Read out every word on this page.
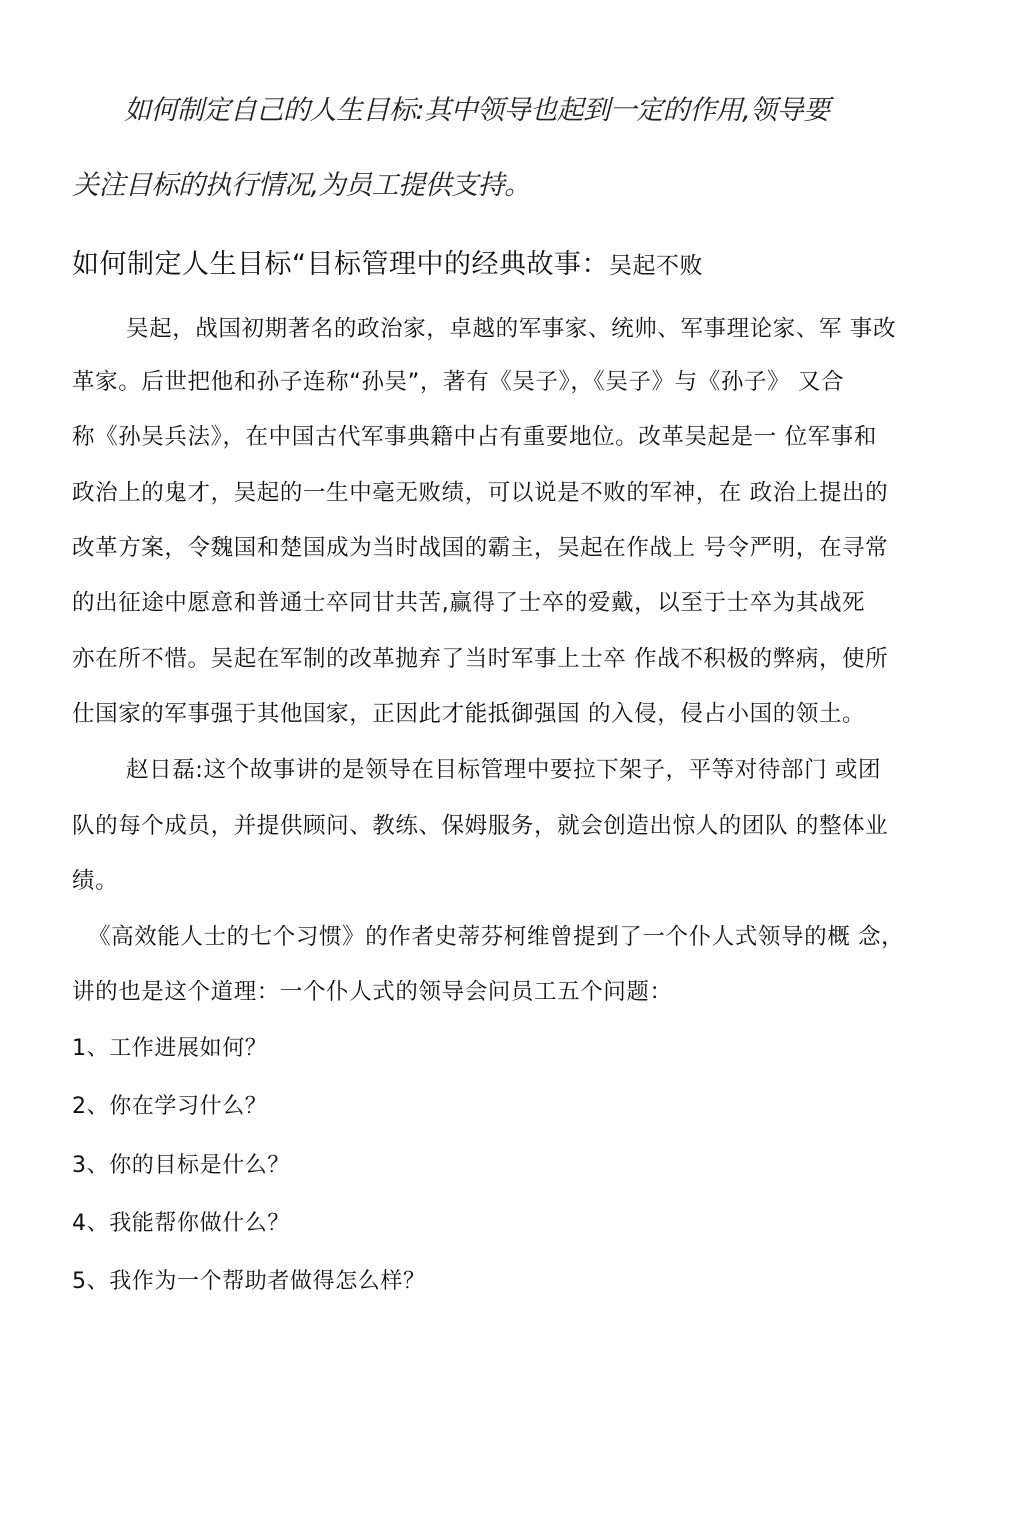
如何制定自己的人生目标:其中领导也起到一定的作用,领导要

关注目标的执行情况,为员工提供支持。

如何制定人生目标“目标管理中的经典故事：吴起不败

吴起，战国初期著名的政治家，卓越的军事家、统帅、军事理论家、军 事改

革家。后世把他和孙子连称“孙吴”，著有《吴子》，《吴子》与《孙子》 又合

称《孙吴兵法》，在中国古代军事典籍中占有重要地位。改革吴起是一 位军事和

政治上的鬼才，吴起的一生中毫无败绩，可以说是不败的军神，在 政治上提出的

改革方案，令魏国和楚国成为当时战国的霸主，吴起在作战上 号令严明，在寻常

的出征途中愿意和普通士卒同甘共苦,赢得了士卒的爱戴，以至于士卒为其战死

亦在所不惜。吴起在军制的改革抛弃了当时军事上士卒 作战不积极的弊病，使所

仕国家的军事强于其他国家，正因此才能抵御强国 的入侵，侵占小国的领土。

赵日磊:这个故事讲的是领导在目标管理中要拉下架子，平等对待部门 或团

队的每个成员，并提供顾问、教练、保姆服务，就会创造出惊人的团队 的整体业

绩。

《高效能人士的七个习惯》的作者史蒂芬柯维曾提到了一个仆人式领导的概 念，

讲的也是这个道理：一个仆人式的领导会问员工五个问题：

1、工作进展如何？

2、你在学习什么？

3、你的目标是什么？

4、我能帮你做什么？

5、我作为一个帮助者做得怎么样？
